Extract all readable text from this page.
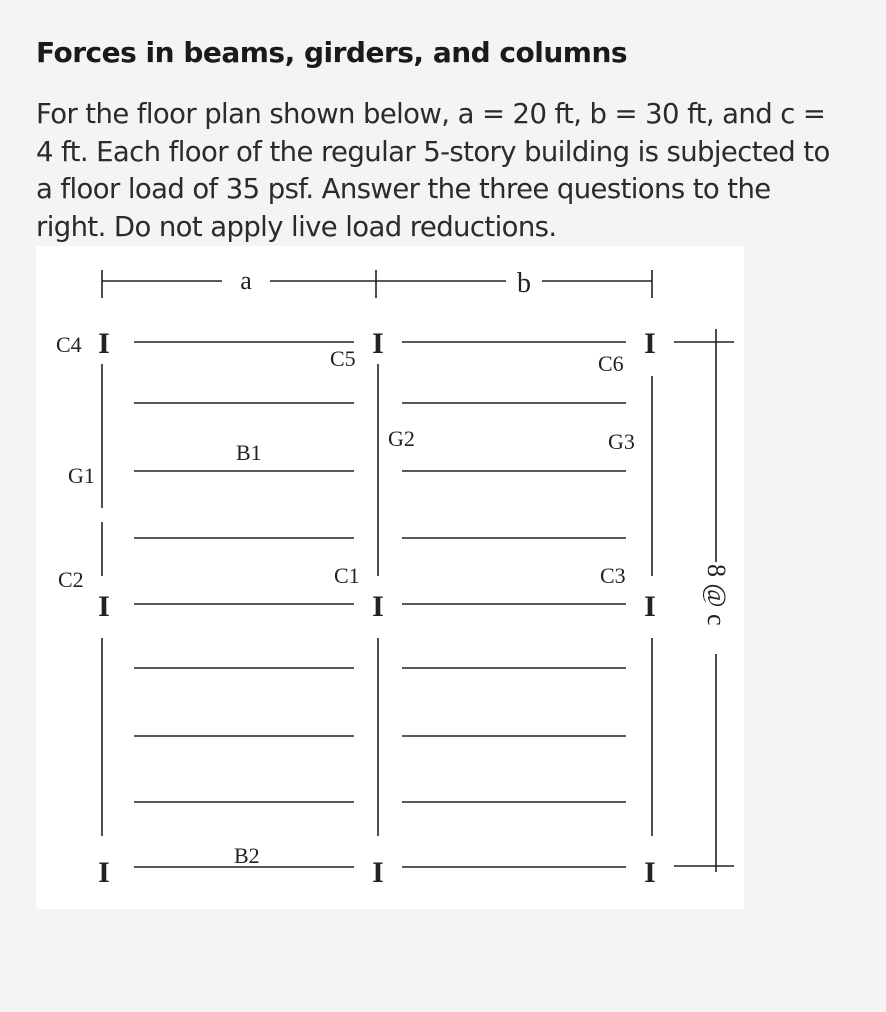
Forces in beams, girders, and columns

For the floor plan shown below, a = 20 ft, b = 30 ft, and c = 4 ft. Each floor of the regular 5-story building is subjected to a floor load of 35 psf. Answer the three questions to the right. Do not apply live load reductions.

I	I	I
I	I	I
I	I	I
a	b
C4
C5	C6
B1
G2	G3
G1
C2	C1	C3
B2
8 @ c
